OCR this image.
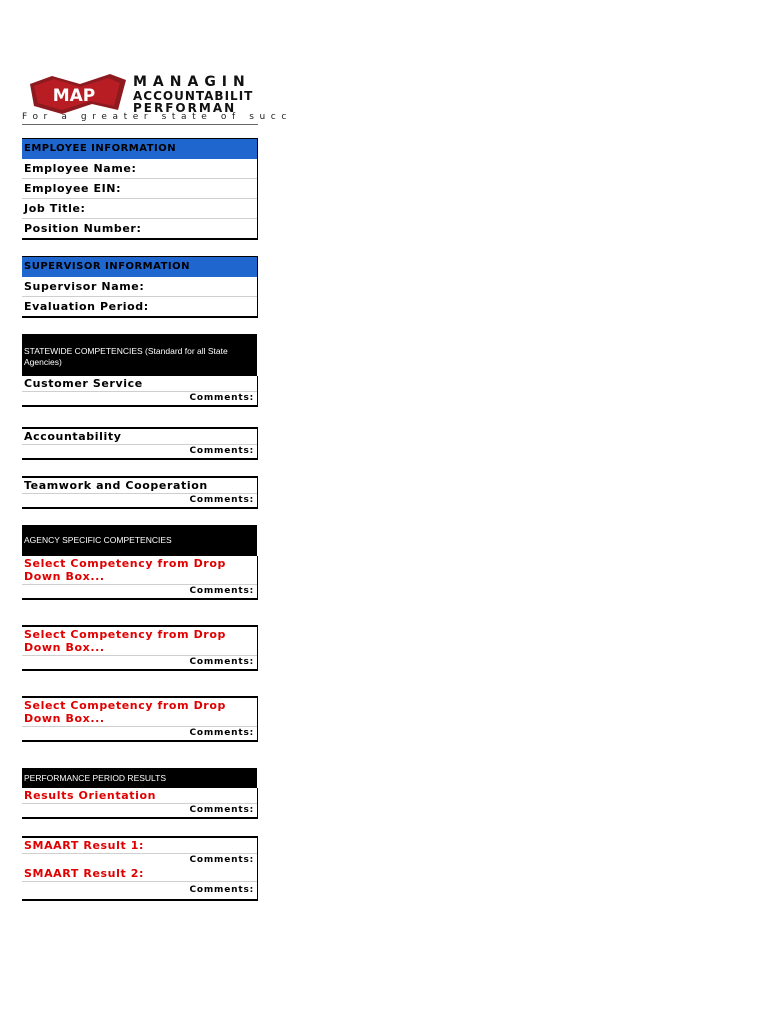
MAP
MANAGIN
ACCOUNTABILIT
PERFORMAN
For a greater state of succ
EMPLOYEE INFORMATION
Employee Name:
Employee EIN:
Job Title:
Position Number:
SUPERVISOR INFORMATION
Supervisor Name:
Evaluation Period:
STATEWIDE COMPETENCIES (Standard for all State Agencies)
Customer Service
Comments:
Accountability
Comments:
Teamwork and Cooperation
Comments:
AGENCY SPECIFIC COMPETENCIES
Select Competency from Drop Down Box...
Comments:
Select Competency from Drop Down Box...
Comments:
Select Competency from Drop Down Box...
Comments:
PERFORMANCE PERIOD RESULTS
Results Orientation
Comments:
SMAART Result 1:
Comments:
SMAART Result 2:
Comments:
